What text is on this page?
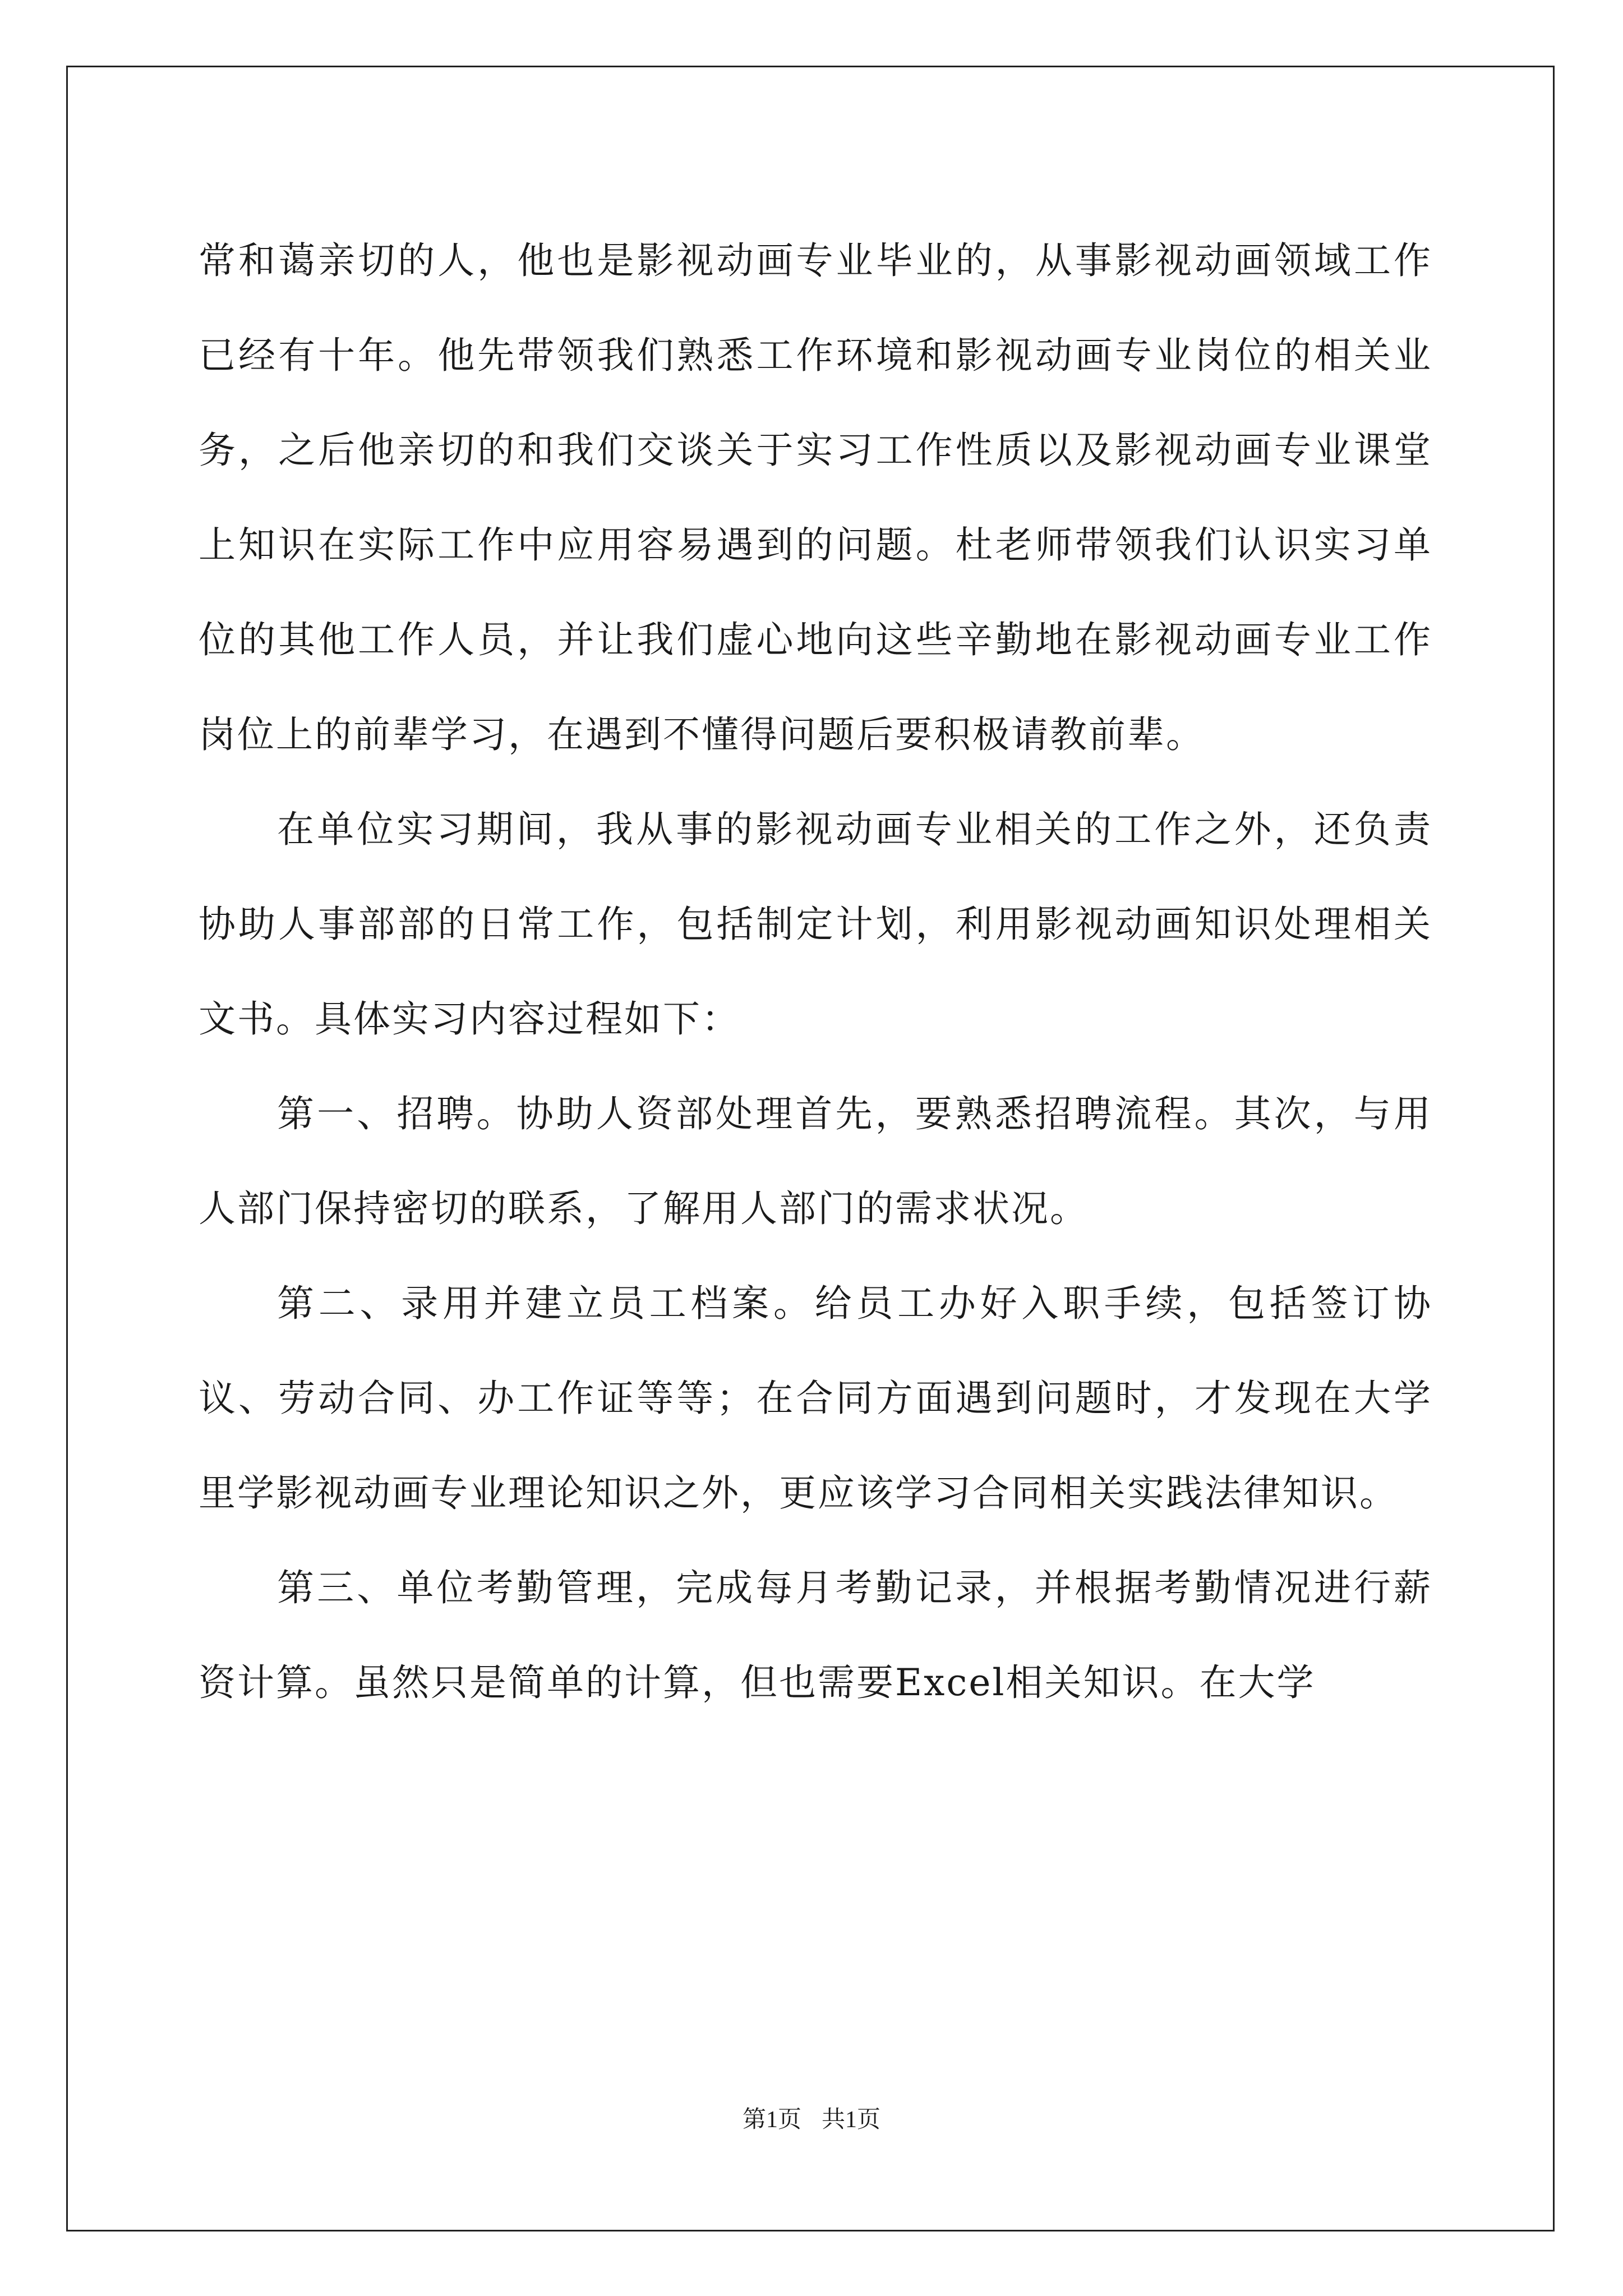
常和蔼亲切的人，他也是影视动画专业毕业的，从事影视动画领域工作已经有十年。他先带领我们熟悉工作环境和影视动画专业岗位的相关业务，之后他亲切的和我们交谈关于实习工作性质以及影视动画专业课堂上知识在实际工作中应用容易遇到的问题。杜老师带领我们认识实习单位的其他工作人员，并让我们虚心地向这些辛勤地在影视动画专业工作岗位上的前辈学习，在遇到不懂得问题后要积极请教前辈。

在单位实习期间，我从事的影视动画专业相关的工作之外，还负责协助人事部部的日常工作，包括制定计划，利用影视动画知识处理相关文书。具体实习内容过程如下：

第一、招聘。协助人资部处理首先，要熟悉招聘流程。其次，与用人部门保持密切的联系，了解用人部门的需求状况。

第二、录用并建立员工档案。给员工办好入职手续，包括签订协议、劳动合同、办工作证等等；在合同方面遇到问题时，才发现在大学里学影视动画专业理论知识之外，更应该学习合同相关实践法律知识。

第三、单位考勤管理，完成每月考勤记录，并根据考勤情况进行薪资计算。虽然只是简单的计算，但也需要Excel相关知识。在大学

第1页 共1页
